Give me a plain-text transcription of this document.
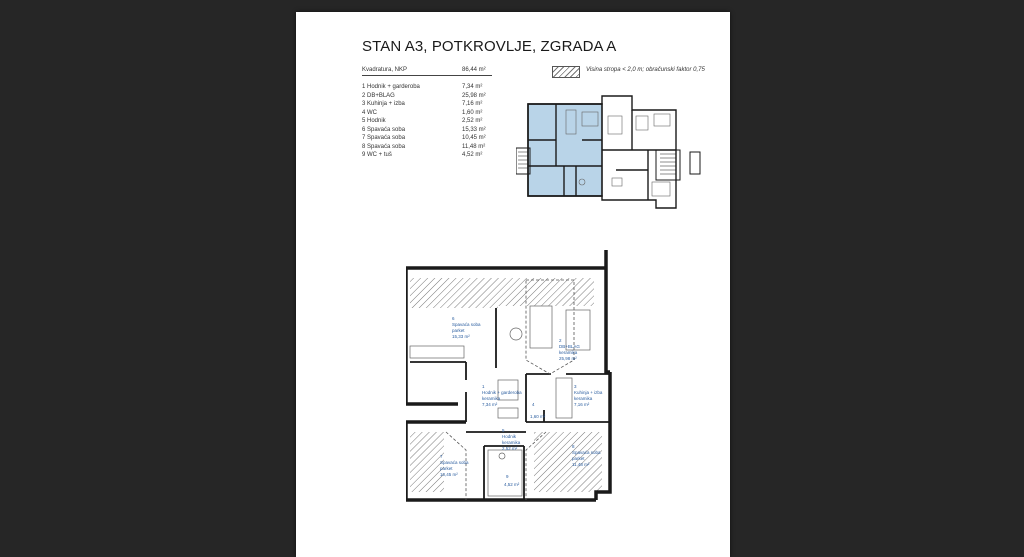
STAN A3, POTKROVLJE, ZGRADA A
Visina stropa < 2,0 m; obračunski faktor 0,75
Kvadratura, NKP	86,44 m²
1 Hodnik + garderoba	7,34 m²
2 DB+BLAG	25,98 m²
3 Kuhinja + izba	7,16 m²
4 WC	1,60 m²
5 Hodnik	2,52 m²
6 Spavaća soba	15,33 m²
7 Spavaća soba	10,45 m²
8 Spavaća soba	11,48 m²
9 WC + tuš	4,52 m²
6
Spavaća soba
parket
15,33 m²
2
DB+BLAG
keramika
25,98 m²
1
Hodnik + garderoba
keramika
7,34 m²
3
Kuhinja + izba
keramika
7,16 m²
4
1,60 m²
5
Hodnik
keramika
2,52 m²
7
Spavaća soba
parket
10,45 m²
8
Spavaća soba
parket
11,48 m²
9
4,52 m²
